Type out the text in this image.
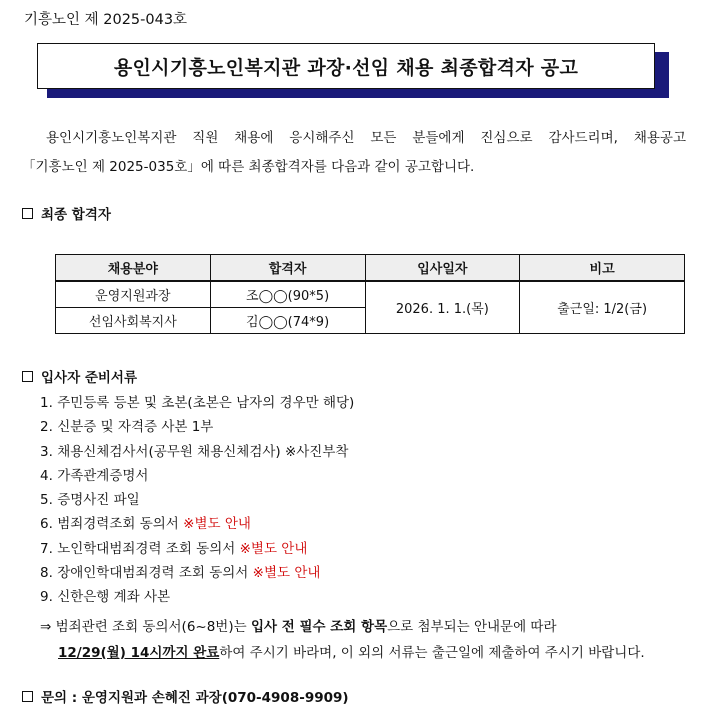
기흥노인 제 2025-043호
용인시기흥노인복지관 과장·선임 채용 최종합격자 공고
용인시기흥노인복지관 직원 채용에 응시해주신 모든 분들에게 진심으로 감사드리며, 채용공고
「기흥노인 제 2025-035호」에 따른 최종합격자를 다음과 같이 공고합니다.
최종 합격자
채용분야	합격자	입사일자	비고
운영지원과장	조◯◯(90*5)	2026. 1. 1.(목)	출근일: 1/2(금)
선임사회복지사	김◯◯(74*9)		
입사자 준비서류
1. 주민등록 등본 및 초본(초본은 남자의 경우만 해당)
2. 신분증 및 자격증 사본 1부
3. 채용신체검사서(공무원 채용신체검사) ※사진부착
4. 가족관계증명서
5. 증명사진 파일
6. 범죄경력조회 동의서 ※별도 안내
7. 노인학대범죄경력 조회 동의서 ※별도 안내
8. 장애인학대범죄경력 조회 동의서 ※별도 안내
9. 신한은행 계좌 사본
⇒ 범죄관련 조회 동의서(6~8번)는 입사 전 필수 조회 항목으로 첨부되는 안내문에 따라
12/29(월) 14시까지 완료하여 주시기 바라며, 이 외의 서류는 출근일에 제출하여 주시기 바랍니다.
문의 : 운영지원과 손혜진 과장(070-4908-9909)
